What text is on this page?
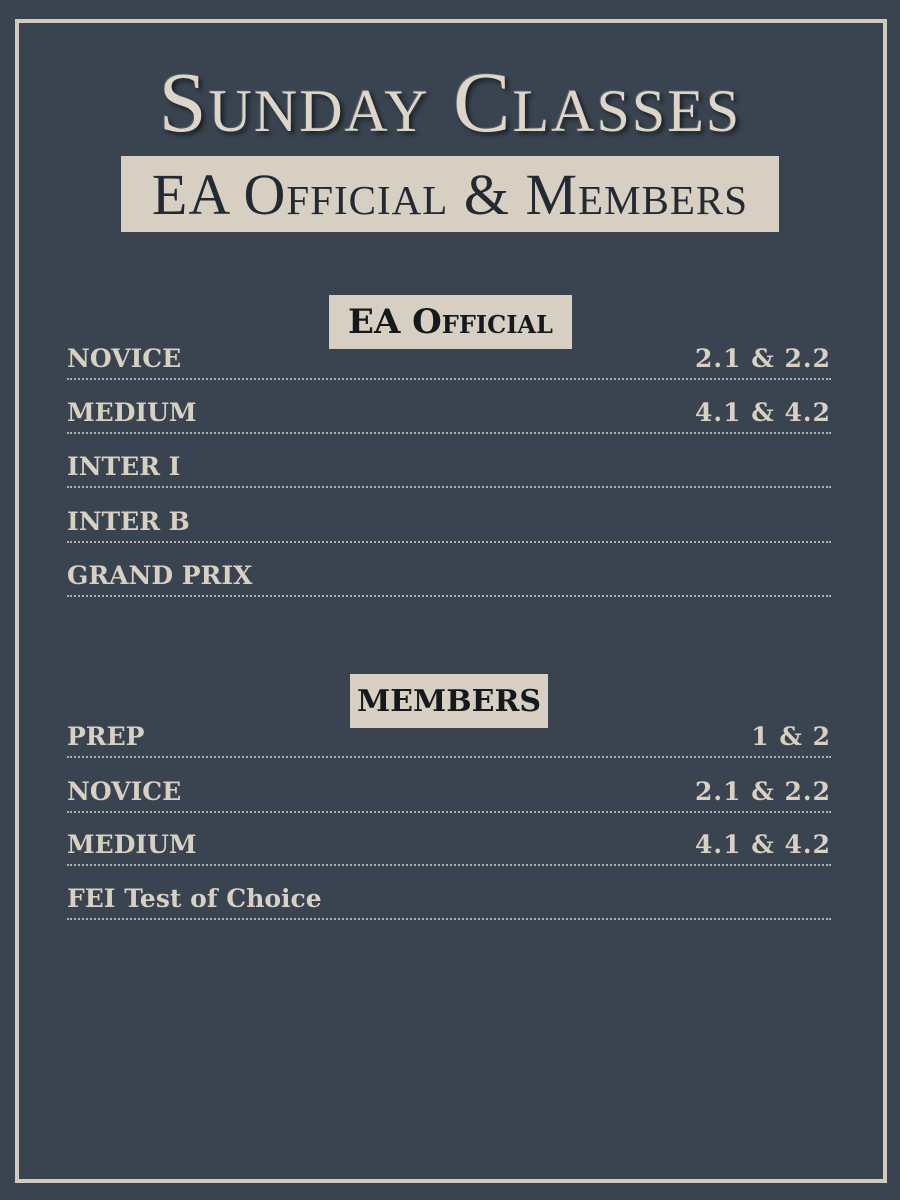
Sunday Classes
EA Official & Members
EA Official
NOVICE	2.1 & 2.2
MEDIUM	4.1 & 4.2
INTER I
INTER B
GRAND PRIX
MEMBERS
PREP	1 & 2
NOVICE	2.1 & 2.2
MEDIUM	4.1 & 4.2
FEI Test of Choice
